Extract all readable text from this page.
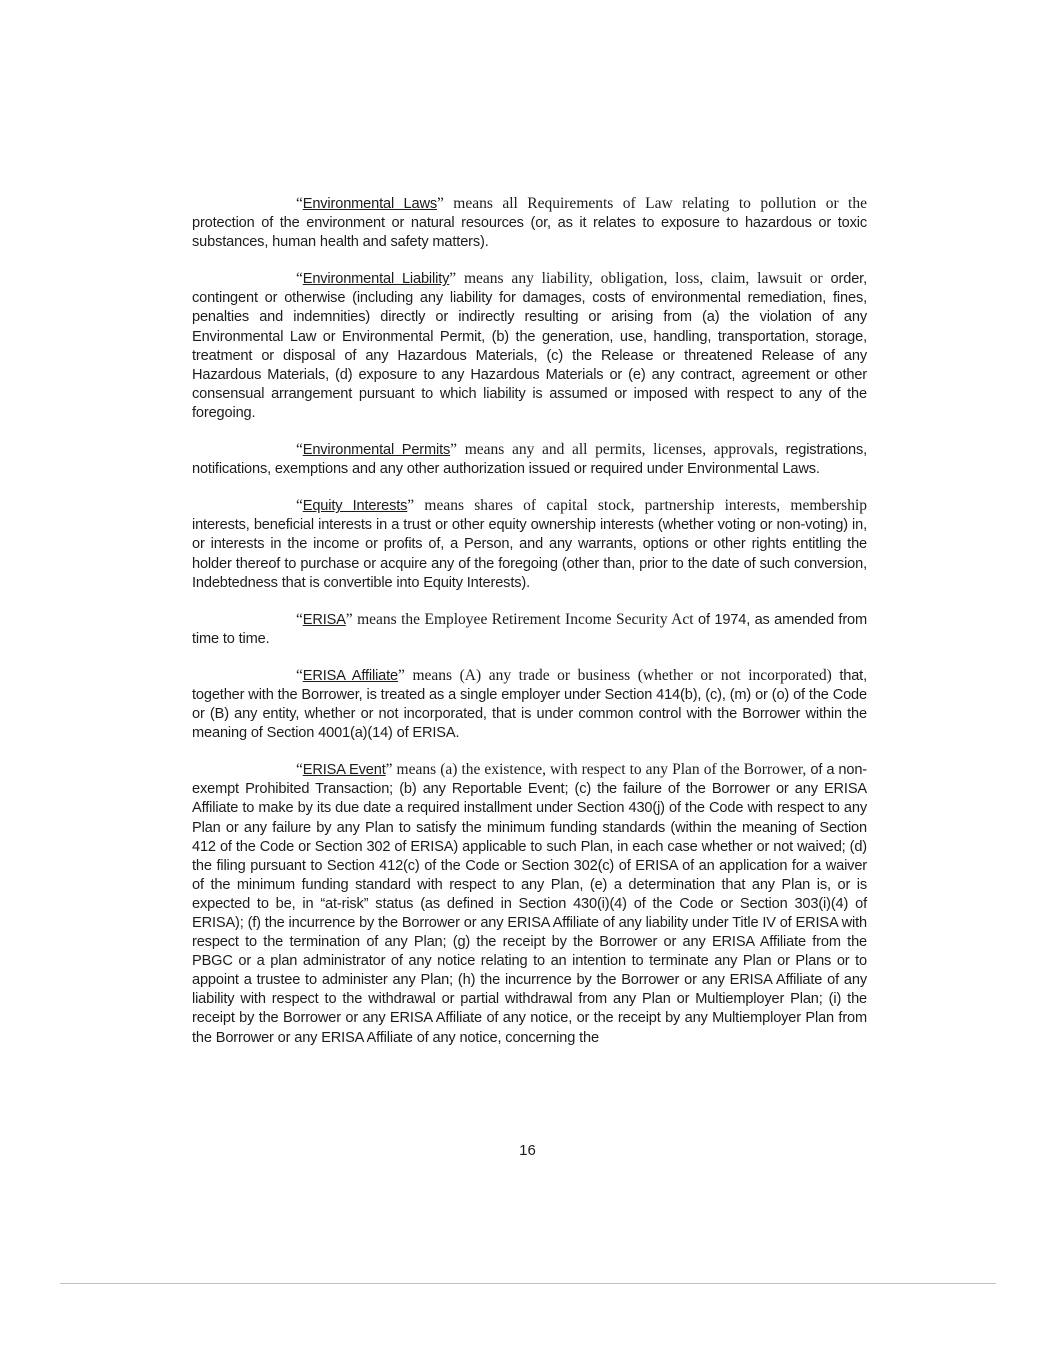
“Environmental Laws” means all Requirements of Law relating to pollution or the protection of the environment or natural resources (or, as it relates to exposure to hazardous or toxic substances, human health and safety matters).

“Environmental Liability” means any liability, obligation, loss, claim, lawsuit or order, contingent or otherwise (including any liability for damages, costs of environmental remediation, fines, penalties and indemnities) directly or indirectly resulting or arising from (a) the violation of any Environmental Law or Environmental Permit, (b) the generation, use, handling, transportation, storage, treatment or disposal of any Hazardous Materials, (c) the Release or threatened Release of any Hazardous Materials, (d) exposure to any Hazardous Materials or (e) any contract, agreement or other consensual arrangement pursuant to which liability is assumed or imposed with respect to any of the foregoing.

“Environmental Permits” means any and all permits, licenses, approvals, registrations, notifications, exemptions and any other authorization issued or required under Environmental Laws.

“Equity Interests” means shares of capital stock, partnership interests, membership interests, beneficial interests in a trust or other equity ownership interests (whether voting or non-voting) in, or interests in the income or profits of, a Person, and any warrants, options or other rights entitling the holder thereof to purchase or acquire any of the foregoing (other than, prior to the date of such conversion, Indebtedness that is convertible into Equity Interests).

“ERISA” means the Employee Retirement Income Security Act of 1974, as amended from time to time.

“ERISA Affiliate” means (A) any trade or business (whether or not incorporated) that, together with the Borrower, is treated as a single employer under Section 414(b), (c), (m) or (o) of the Code or (B) any entity, whether or not incorporated, that is under common control with the Borrower within the meaning of Section 4001(a)(14) of ERISA.

“ERISA Event” means (a) the existence, with respect to any Plan of the Borrower, of a non-exempt Prohibited Transaction; (b) any Reportable Event; (c) the failure of the Borrower or any ERISA Affiliate to make by its due date a required installment under Section 430(j) of the Code with respect to any Plan or any failure by any Plan to satisfy the minimum funding standards (within the meaning of Section 412 of the Code or Section 302 of ERISA) applicable to such Plan, in each case whether or not waived; (d) the filing pursuant to Section 412(c) of the Code or Section 302(c) of ERISA of an application for a waiver of the minimum funding standard with respect to any Plan, (e) a determination that any Plan is, or is expected to be, in “at-risk” status (as defined in Section 430(i)(4) of the Code or Section 303(i)(4) of ERISA); (f) the incurrence by the Borrower or any ERISA Affiliate of any liability under Title IV of ERISA with respect to the termination of any Plan; (g) the receipt by the Borrower or any ERISA Affiliate from the PBGC or a plan administrator of any notice relating to an intention to terminate any Plan or Plans or to appoint a trustee to administer any Plan; (h) the incurrence by the Borrower or any ERISA Affiliate of any liability with respect to the withdrawal or partial withdrawal from any Plan or Multiemployer Plan; (i) the receipt by the Borrower or any ERISA Affiliate of any notice, or the receipt by any Multiemployer Plan from the Borrower or any ERISA Affiliate of any notice, concerning the

16
